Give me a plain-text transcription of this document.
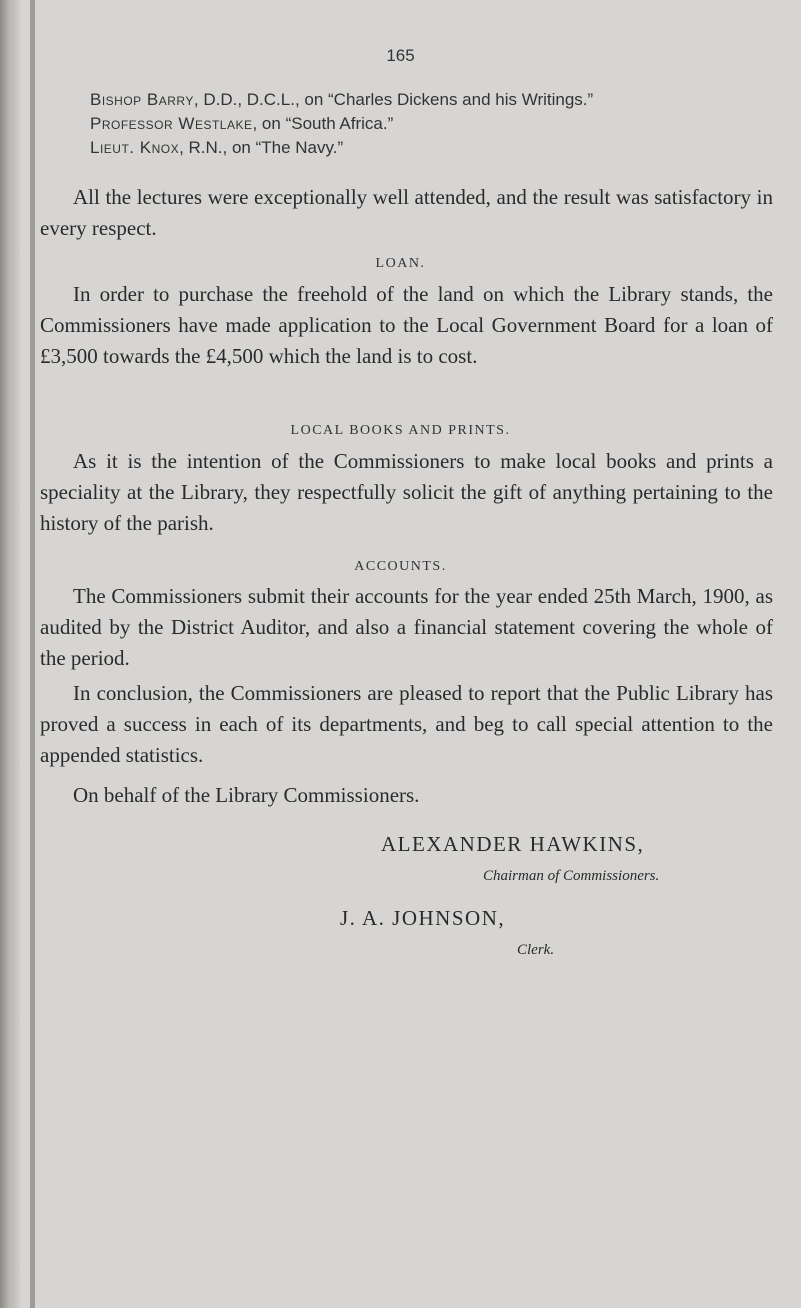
165
Bishop Barry, D.D., D.C.L., on “Charles Dickens and his Writings.”
Professor Westlake, on “South Africa.”
Lieut. Knox, R.N., on “The Navy.”
All the lectures were exceptionally well attended, and the result was satisfactory in every respect.
LOAN.
In order to purchase the freehold of the land on which the Library stands, the Commissioners have made application to the Local Government Board for a loan of £3,500 towards the £4,500 which the land is to cost.
LOCAL BOOKS AND PRINTS.
As it is the intention of the Commissioners to make local books and prints a speciality at the Library, they respectfully solicit the gift of anything pertaining to the history of the parish.
ACCOUNTS.
The Commissioners submit their accounts for the year ended 25th March, 1900, as audited by the District Auditor, and also a financial statement covering the whole of the period.
In conclusion, the Commissioners are pleased to report that the Public Library has proved a success in each of its departments, and beg to call special attention to the appended statistics.
On behalf of the Library Commissioners.
ALEXANDER HAWKINS,
Chairman of Commissioners.
J. A. JOHNSON,
Clerk.
